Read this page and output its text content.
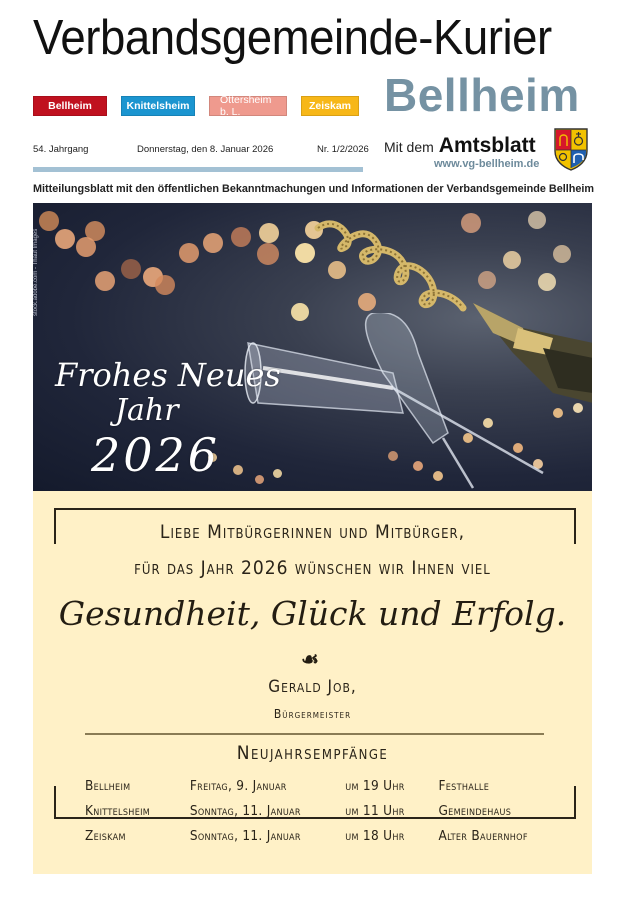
Verbandsgemeinde-Kurier
Bellheim	Knittelsheim	Ottersheim b. L.	Zeiskam Bellheim
54. Jahrgang	Donnerstag, den 8. Januar 2026	Nr. 1/2/2026 Mit dem Amtsblatt
www.vg-bellheim.de
Mitteilungsblatt mit den öffentlichen Bekanntmachungen und Informationen der Verbandsgemeinde Bellheim
stock.adobe.com - Thaut Images
Frohes Neues
Jahr
2026
Liebe Mitbürgerinnen und Mitbürger,
für das Jahr 2026 wünschen wir Ihnen viel
Gesundheit, Glück und Erfolg.
☙
Gerald Job,
Bürgermeister
Neujahrsempfänge
Bellheim	Freitag, 9. Januar	um 19 Uhr	Festhalle
Knittelsheim	Sonntag, 11. Januar	um 11 Uhr	Gemeindehaus
Zeiskam	Sonntag, 11. Januar	um 18 Uhr	Alter Bauernhof
